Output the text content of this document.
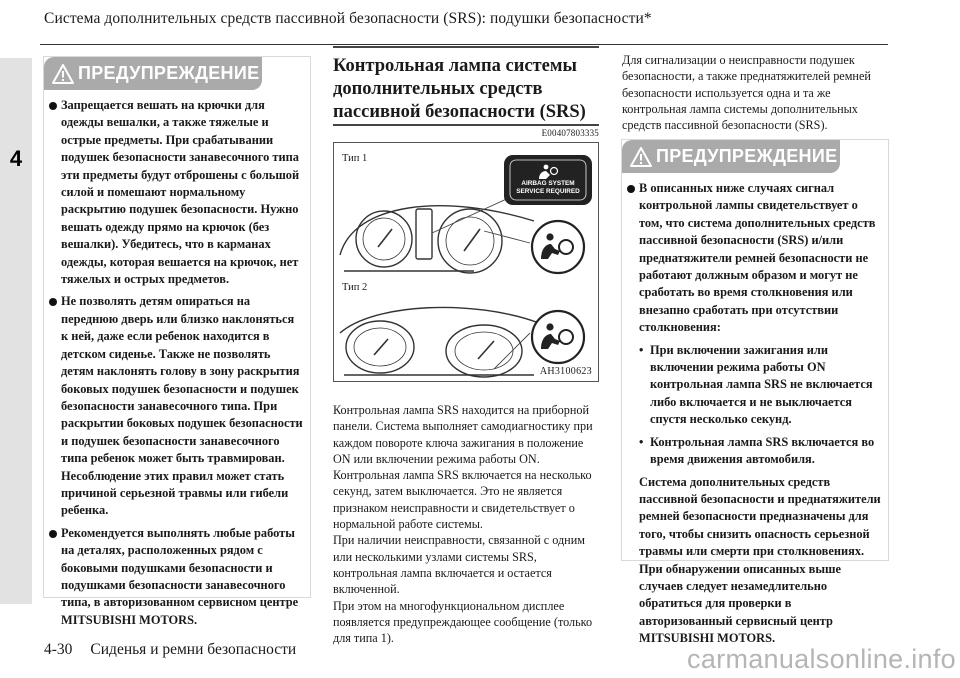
Система дополнительных средств пассивной безопасности (SRS): подушки безопасности*
4
ПРЕДУПРЕЖДЕНИЕ

Запрещается вешать на крючки для одежды вешалки, а также тяжелые и острые предметы. При срабатывании подушек безопасности занавесочного типа эти предметы будут отброшены с большой силой и помешают нормальному раскрытию подушек безопасности. Нужно вешать одежду прямо на крючок (без вешалки). Убедитесь, что в карманах одежды, которая вешается на крючок, нет тяжелых и острых предметов.

Не позволять детям опираться на переднюю дверь или близко наклоняться к ней, даже если ребенок находится в детском сиденье. Также не позволять детям наклонять голову в зону раскрытия боковых подушек безопасности и подушек безопасности занавесочного типа. При раскрытии боковых подушек безопасности и подушек безопасности занавесочного типа ребенок может быть травмирован. Несоблюдение этих правил может стать причиной серьезной травмы или гибели ребенка.

Рекомендуется выполнять любые работы на деталях, расположенных рядом с боковыми подушками безопасности и подушками безопасности занавесочного типа, в авторизованном сервисном центре MITSUBISHI MOTORS.

Контрольная лампа системы дополнительных средств пассивной безопасности (SRS)
E00407803335
Тип 1
Тип 2
AIRBAG SYSTEM
SERVICE REQUIRED
AH3100623

Контрольная лампа SRS находится на приборной панели. Система выполняет самодиагностику при каждом повороте ключа зажигания в положение ON или включении режима работы ON. Контрольная лампа SRS включается на несколько секунд, затем выключается. Это не является признаком неисправности и свидетельствует о нормальной работе системы.

При наличии неисправности, связанной с одним или несколькими узлами системы SRS, контрольная лампа включается и остается включенной.

При этом на многофункциональном дисплее появляется предупреждающее сообщение (только для типа 1).

Для сигнализации о неисправности подушек безопасности, а также преднатяжителей ремней безопасности используется одна и та же контрольная лампа системы дополнительных средств пассивной безопасности (SRS).
ПРЕДУПРЕЖДЕНИЕ

В описанных ниже случаях сигнал контрольной лампы свидетельствует о том, что система дополнительных средств пассивной безопасности (SRS) и/или преднатяжители ремней безопасности не работают должным образом и могут не сработать во время столкновения или внезапно сработать при отсутствии столкновения:

• При включении зажигания или включении режима работы ON контрольная лампа SRS не включается либо включается и не выключается спустя несколько секунд.
• Контрольная лампа SRS включается во время движения автомобиля.
Система дополнительных средств пассивной безопасности и преднатяжители ремней безопасности предназначены для того, чтобы снизить опасность серьезной травмы или смерти при столкновениях. При обнаружении описанных выше случаев следует незамедлительно обратиться для проверки в авторизованный сервисный центр MITSUBISHI MOTORS.
4-30 Сиденья и ремни безопасности	carmanualsonline.info
